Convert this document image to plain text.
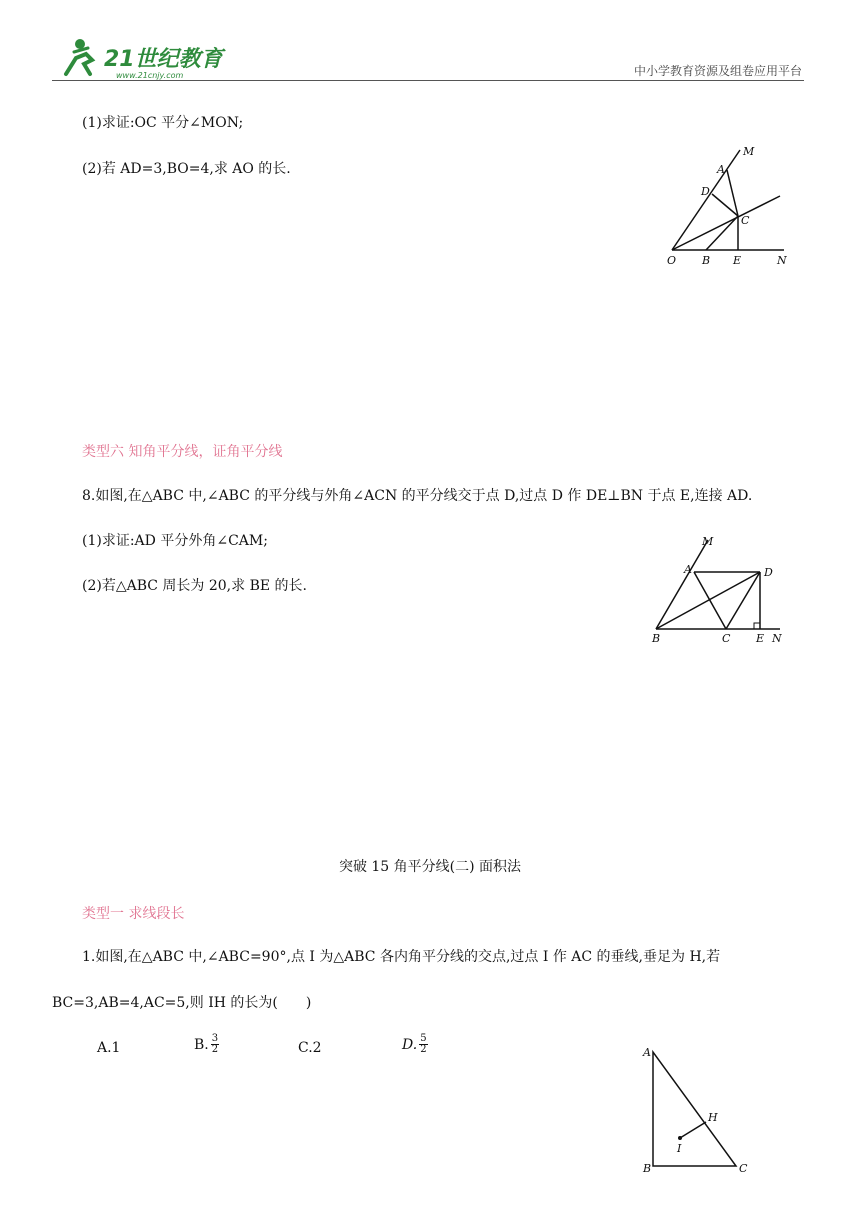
21世纪教育
www.21cnjy.com	中小学教育资源及组卷应用平台
(1)求证:OC 平分∠MON;
(2)若 AD=3,BO=4,求 AO 的长.
M
A
D
C
O B E	N
类型六 知角平分线，证角平分线
8.如图,在△ABC 中,∠ABC 的平分线与外角∠ACN 的平分线交于点 D,过点 D 作 DE⊥BN 于点 E,连接 AD.
(1)求证:AD 平分外角∠CAM;
(2)若△ABC 周长为 20,求 BE 的长.
M
A	D
B	C E N
突破 15 角平分线(二) 面积法
类型一 求线段长
1.如图,在△ABC 中,∠ABC=90°,点 I 为△ABC 各内角平分线的交点,过点 I 作 AC 的垂线,垂足为 H,若
BC=3,AB=4,AC=5,则 IH 的长为(　　)
A.1	B. $\frac{3}{2}$	C.2	D. $\frac{5}{2}$	A
H
I
B	C
